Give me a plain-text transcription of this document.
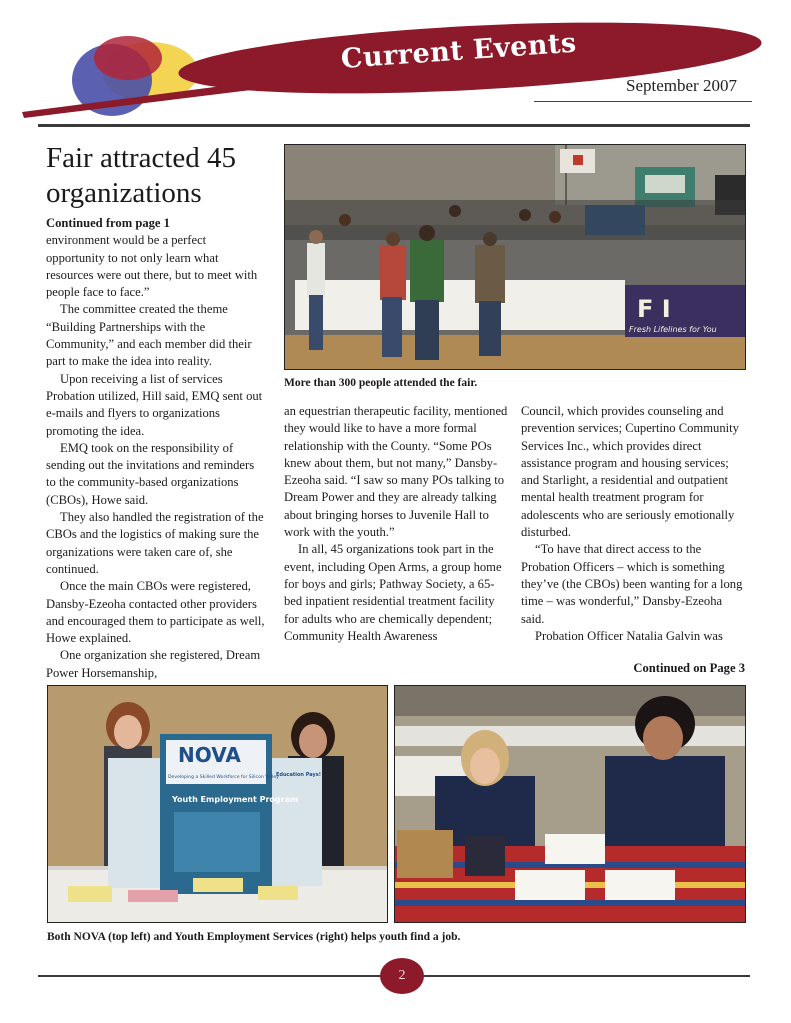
Current Events
September 2007
Fair attracted 45 organizations
Continued from page 1

environment would be a perfect opportunity to not only learn what resources were out there, but to meet with people face to face.”

The committee created the theme “Building Partnerships with the Community,” and each member did their part to make the idea into reality.

Upon receiving a list of services Probation utilized, Hill said, EMQ sent out e-mails and flyers to organizations promoting the idea.

EMQ took on the responsibility of sending out the invitations and reminders to the community-based organizations (CBOs), Howe said.

They also handled the registration of the CBOs and the logistics of making sure the organizations were taken care of, she continued.

Once the main CBOs were registered, Dansby-Ezeoha contacted other providers and encouraged them to participate as well, Howe explained.

One organization she registered, Dream Power Horsemanship,

an equestrian therapeutic facility, mentioned they would like to have a more formal relationship with the County. “Some POs knew about them, but not many,” Dansby-Ezeoha said. “I saw so many POs talking to Dream Power and they are already talking about bringing horses to Juvenile Hall to work with the youth.”

In all, 45 organizations took part in the event, including Open Arms, a group home for boys and girls; Pathway Society, a 65-bed inpatient residential treatment facility for adults who are chemically dependent; Community Health Awareness

Council, which provides counseling and prevention services; Cupertino Community Services Inc., which provides direct assistance program and housing services; and Starlight, a residential and outpatient mental health treatment program for adolescents who are seriously emotionally disturbed.

“To have that direct access to the Probation Officers – which is something they’ve (the CBOs) been wanting for a long time – was wonderful,” Dansby-Ezeoha said.

Probation Officer Natalia Galvin was

Continued on Page 3
F I
Fresh Lifelines for You
More than 300 people attended the fair.
NOVA
Developing a Skilled Workforce for Silicon Valley
Youth Employment Program
Education Pays!
Both NOVA (top left) and Youth Employment Services (right) helps youth find a job.
2
